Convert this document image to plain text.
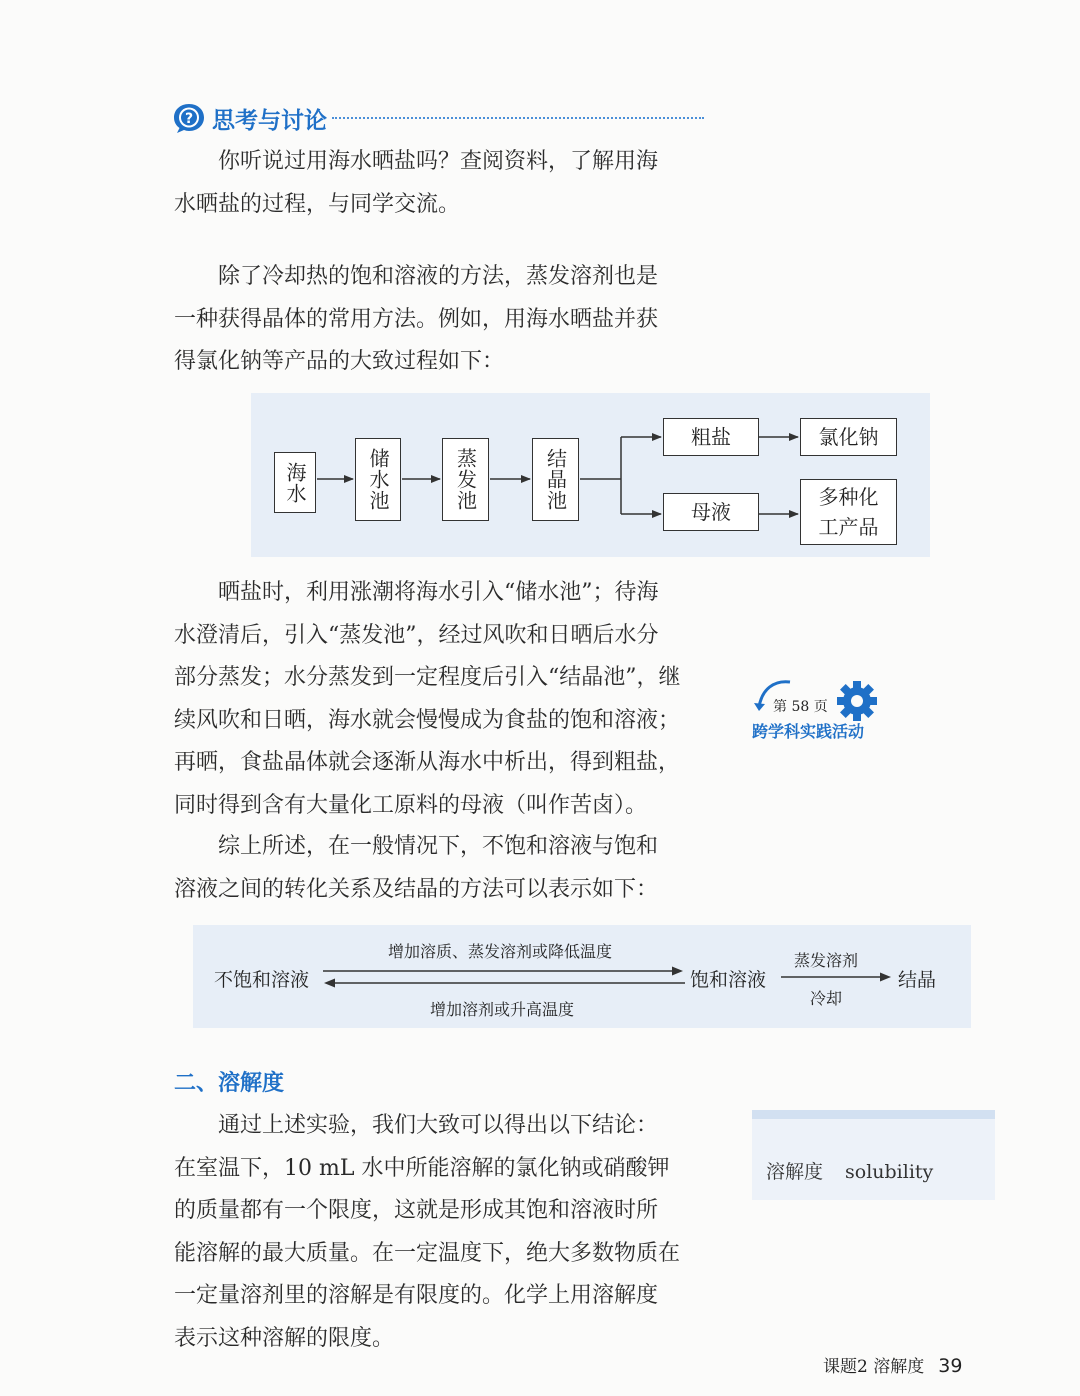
? 思考与讨论

你听说过用海水晒盐吗？查阅资料，了解用海
水晒盐的过程，与同学交流。

除了冷却热的饱和溶液的方法，蒸发溶剂也是
一种获得晶体的常用方法。例如，用海水晒盐并获
得氯化钠等产品的大致过程如下：

海水	储水池	蒸发池	结晶池
粗盐	氯化钠
母液
多种化工产品

晒盐时，利用涨潮将海水引入“储水池”；待海
水澄清后，引入“蒸发池”，经过风吹和日晒后水分
部分蒸发；水分蒸发到一定程度后引入“结晶池”，继
续风吹和日晒，海水就会慢慢成为食盐的饱和溶液；
再晒，食盐晶体就会逐渐从海水中析出，得到粗盐，
同时得到含有大量化工原料的母液（叫作苦卤）。

第 58 页
跨学科实践活动

综上所述，在一般情况下，不饱和溶液与饱和
溶液之间的转化关系及结晶的方法可以表示如下：

不饱和溶液	饱和溶液	结晶
增加溶质、蒸发溶剂或降低温度
增加溶剂或升高温度
蒸发溶剂
冷却
二、溶解度

通过上述实验，我们大致可以得出以下结论：
在室温下，10 mL 水中所能溶解的氯化钠或硝酸钾
的质量都有一个限度，这就是形成其饱和溶液时所
能溶解的最大质量。在一定温度下，绝大多数物质在
一定量溶剂里的溶解是有限度的。化学上用溶解度
表示这种溶解的限度。

溶解度 solubility
课题2 溶解度 39
